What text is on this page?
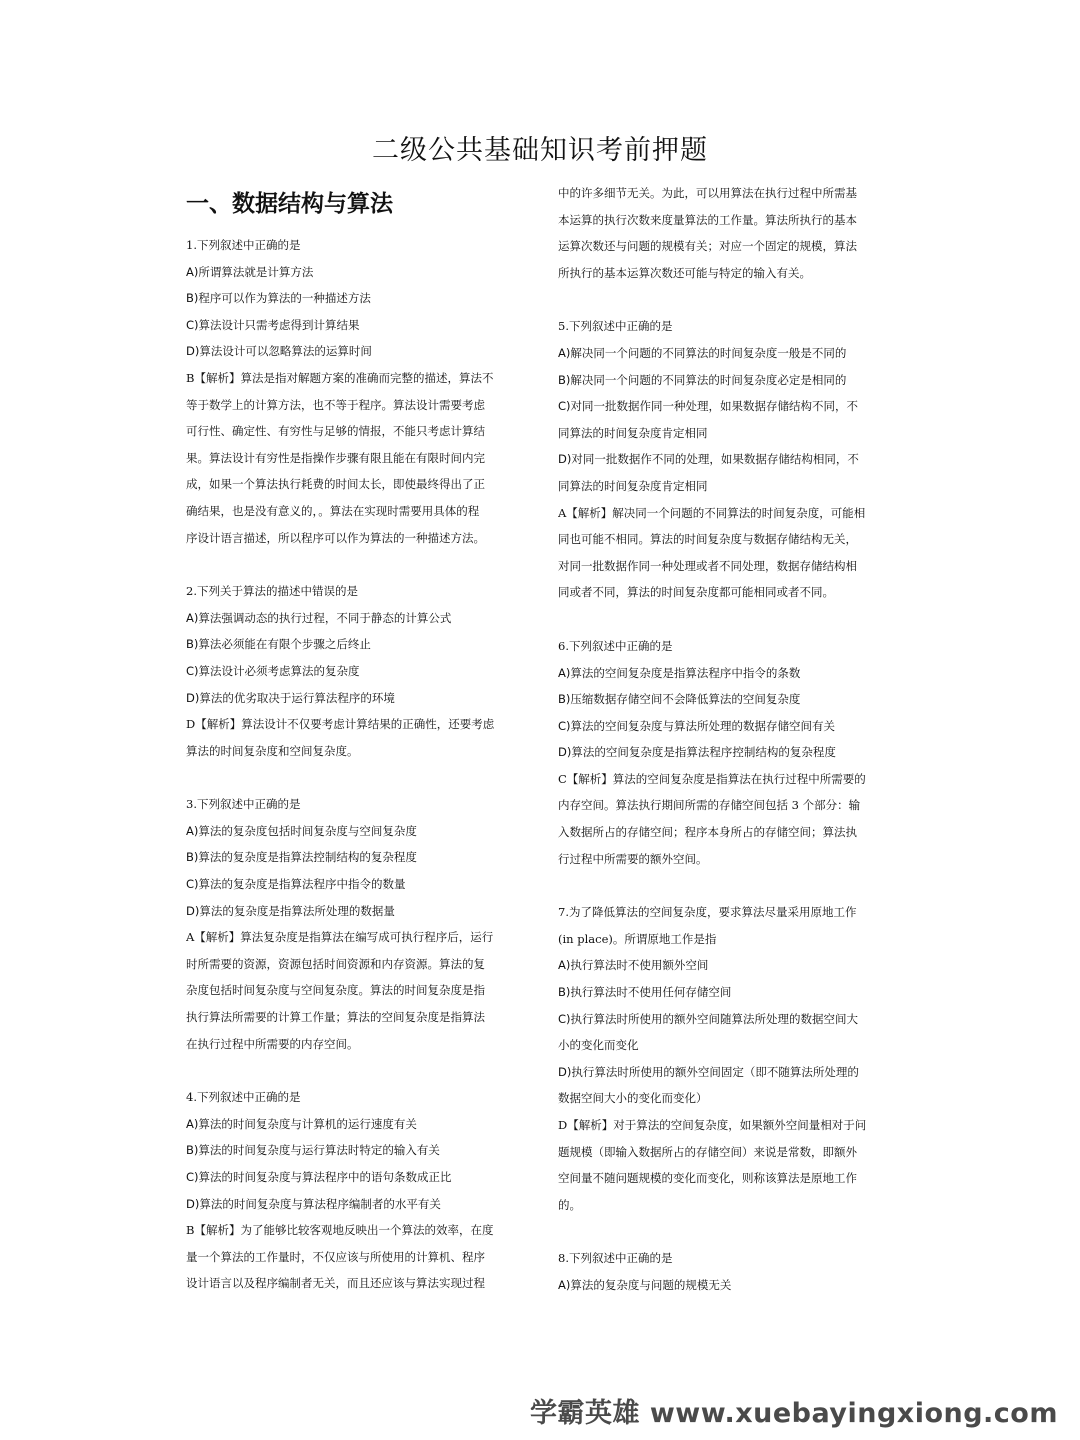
二级公共基础知识考前押题
一、数据结构与算法
1.下列叙述中正确的是
A)所谓算法就是计算方法
B)程序可以作为算法的一种描述方法
C)算法设计只需考虑得到计算结果
D)算法设计可以忽略算法的运算时间
B【解析】算法是指对解题方案的准确而完整的描述，算法不
等于数学上的计算方法，也不等于程序。算法设计需要考虑
可行性、确定性、有穷性与足够的情报，不能只考虑计算结
果。算法设计有穷性是指操作步骤有限且能在有限时间内完
成，如果一个算法执行耗费的时间太长，即使最终得出了正
确结果，也是没有意义的，。算法在实现时需要用具体的程
序设计语言描述，所以程序可以作为算法的一种描述方法。
2.下列关于算法的描述中错误的是
A)算法强调动态的执行过程，不同于静态的计算公式
B)算法必须能在有限个步骤之后终止
C)算法设计必须考虑算法的复杂度
D)算法的优劣取决于运行算法程序的环境
D【解析】算法设计不仅要考虑计算结果的正确性，还要考虑
算法的时间复杂度和空间复杂度。
3.下列叙述中正确的是
A)算法的复杂度包括时间复杂度与空间复杂度
B)算法的复杂度是指算法控制结构的复杂程度
C)算法的复杂度是指算法程序中指令的数量
D)算法的复杂度是指算法所处理的数据量
A【解析】算法复杂度是指算法在编写成可执行程序后，运行
时所需要的资源，资源包括时间资源和内存资源。算法的复
杂度包括时间复杂度与空间复杂度。算法的时间复杂度是指
执行算法所需要的计算工作量；算法的空间复杂度是指算法
在执行过程中所需要的内存空间。
4.下列叙述中正确的是
A)算法的时间复杂度与计算机的运行速度有关
B)算法的时间复杂度与运行算法时特定的输入有关
C)算法的时间复杂度与算法程序中的语句条数成正比
D)算法的时间复杂度与算法程序编制者的水平有关
B【解析】为了能够比较客观地反映出一个算法的效率，在度
量一个算法的工作量时，不仅应该与所使用的计算机、程序
设计语言以及程序编制者无关，而且还应该与算法实现过程
中的许多细节无关。为此，可以用算法在执行过程中所需基
本运算的执行次数来度量算法的工作量。算法所执行的基本
运算次数还与问题的规模有关；对应一个固定的规模，算法
所执行的基本运算次数还可能与特定的输入有关。
5.下列叙述中正确的是
A)解决同一个问题的不同算法的时间复杂度一般是不同的
B)解决同一个问题的不同算法的时间复杂度必定是相同的
C)对同一批数据作同一种处理，如果数据存储结构不同，不
同算法的时间复杂度肯定相同
D)对同一批数据作不同的处理，如果数据存储结构相同，不
同算法的时间复杂度肯定相同
A【解析】解决同一个问题的不同算法的时间复杂度，可能相
同也可能不相同。算法的时间复杂度与数据存储结构无关，
对同一批数据作同一种处理或者不同处理，数据存储结构相
同或者不同，算法的时间复杂度都可能相同或者不同。
6.下列叙述中正确的是
A)算法的空间复杂度是指算法程序中指令的条数
B)压缩数据存储空间不会降低算法的空间复杂度
C)算法的空间复杂度与算法所处理的数据存储空间有关
D)算法的空间复杂度是指算法程序控制结构的复杂程度
C【解析】算法的空间复杂度是指算法在执行过程中所需要的
内存空间。算法执行期间所需的存储空间包括 3 个部分：输
入数据所占的存储空间；程序本身所占的存储空间；算法执
行过程中所需要的额外空间。
7.为了降低算法的空间复杂度，要求算法尽量采用原地工作
(in place)。所谓原地工作是指
A)执行算法时不使用额外空间
B)执行算法时不使用任何存储空间
C)执行算法时所使用的额外空间随算法所处理的数据空间大
小的变化而变化
D)执行算法时所使用的额外空间固定（即不随算法所处理的
数据空间大小的变化而变化）
D【解析】对于算法的空间复杂度，如果额外空间量相对于问
题规模（即输入数据所占的存储空间）来说是常数，即额外
空间量不随问题规模的变化而变化，则称该算法是原地工作
的。
8.下列叙述中正确的是
A)算法的复杂度与问题的规模无关
学霸英雄 www.xuebayingxiong.com
